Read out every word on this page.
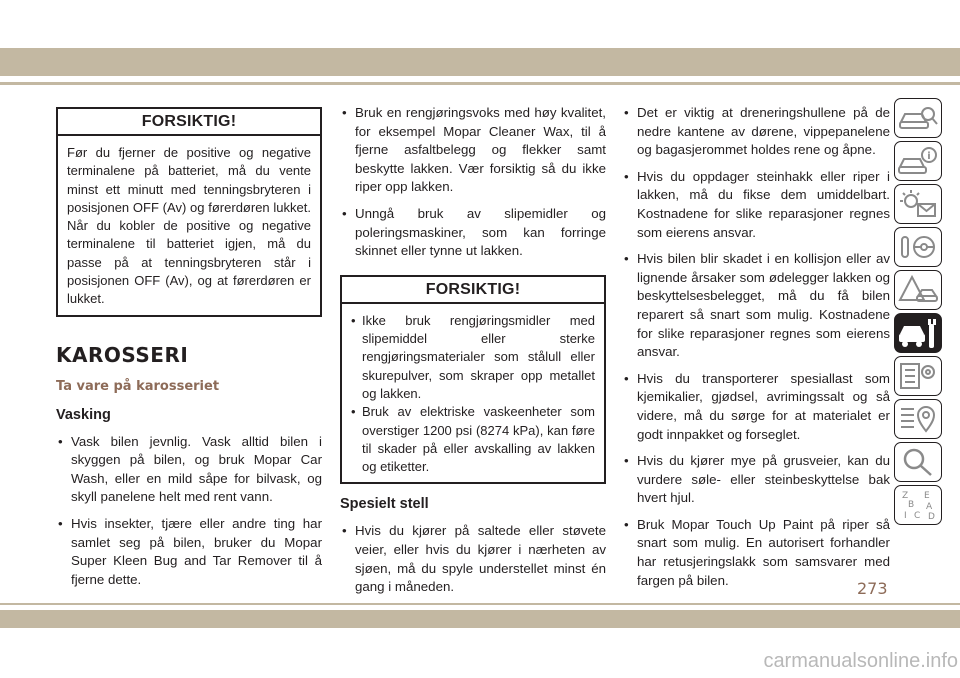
FORSIKTIG!
Før du fjerner de positive og negative terminalene på batteriet, må du vente minst ett minutt med tenningsbryteren i posisjonen OFF (Av) og førerdøren lukket. Når du kobler de positive og negative terminalene til batteriet igjen, må du passe på at tenningsbryteren står i posisjonen OFF (Av), og at førerdøren er lukket.
KAROSSERI
Ta vare på karosseriet
Vasking
• Vask bilen jevnlig. Vask alltid bilen i skyggen på bilen, og bruk Mopar Car Wash, eller en mild såpe for bilvask, og skyll panelene helt med rent vann.
• Hvis insekter, tjære eller andre ting har samlet seg på bilen, bruker du Mopar Super Kleen Bug and Tar Remover til å fjerne dette.
• Bruk en rengjøringsvoks med høy kvalitet, for eksempel Mopar Cleaner Wax, til å fjerne asfaltbelegg og flekker samt beskytte lakken. Vær forsiktig så du ikke riper opp lakken.
• Unngå bruk av slipemidler og poleringsmaskiner, som kan forringe skinnet eller tynne ut lakken.
FORSIKTIG!
• Ikke bruk rengjøringsmidler med slipemiddel eller sterke rengjøringsmaterialer som stålull eller skurepulver, som skraper opp metallet og lakken.
• Bruk av elektriske vaskeenheter som overstiger 1200 psi (8274 kPa), kan føre til skader på eller avskalling av lakken og etiketter.
Spesielt stell
• Hvis du kjører på saltede eller støvete veier, eller hvis du kjører i nærheten av sjøen, må du spyle understellet minst én gang i måneden.
• Det er viktig at dreneringshullene på de nedre kantene av dørene, vippepanelene og bagasjerommet holdes rene og åpne.
• Hvis du oppdager steinhakk eller riper i lakken, må du fikse dem umiddelbart. Kostnadene for slike reparasjoner regnes som eierens ansvar.
• Hvis bilen blir skadet i en kollisjon eller av lignende årsaker som ødelegger lakken og beskyttelsesbelegget, må du få bilen reparert så snart som mulig. Kostnadene for slike reparasjoner regnes som eierens ansvar.
• Hvis du transporterer spesiallast som kjemikalier, gjødsel, avrimingssalt og så videre, må du sørge for at materialet er godt innpakket og forseglet.
• Hvis du kjører mye på grusveier, kan du vurdere søle- eller steinbeskyttelse bak hvert hjul.
• Bruk Mopar Touch Up Paint på riper så snart som mulig. En autorisert forhandler har retusjeringslakk som samsvarer med fargen på bilen.
i
Z E
B A
C D
I
273
carmanualsonline.info
